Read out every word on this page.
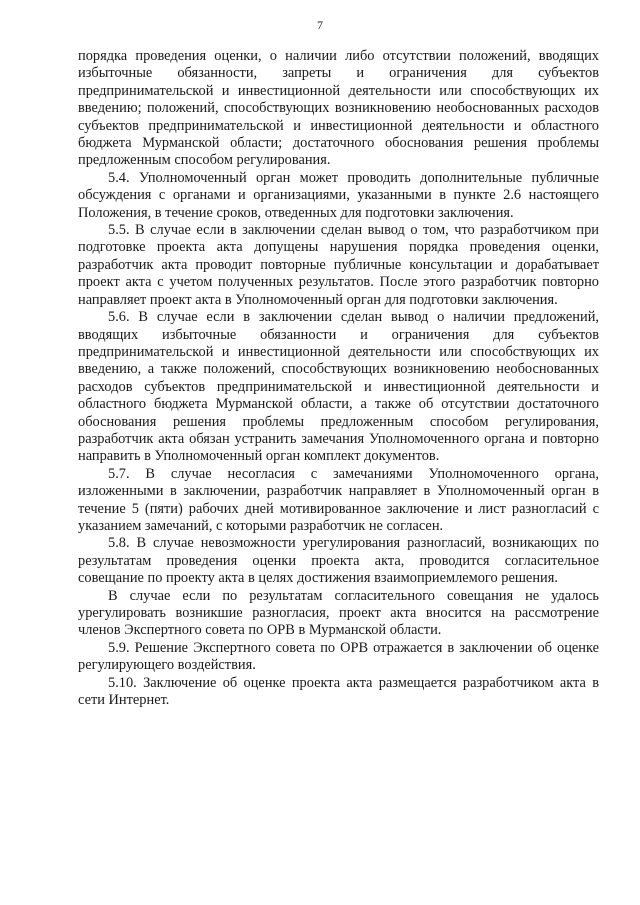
7

порядка проведения оценки, о наличии либо отсутствии положений, вводящих избыточные обязанности, запреты и ограничения для субъектов предпринимательской и инвестиционной деятельности или способствующих их введению; положений, способствующих возникновению необоснованных расходов субъектов предпринимательской и инвестиционной деятельности и областного бюджета Мурманской области; достаточного обоснования решения проблемы предложенным способом регулирования.

5.4. Уполномоченный орган может проводить дополнительные публичные обсуждения с органами и организациями, указанными в пункте 2.6 настоящего Положения, в течение сроков, отведенных для подготовки заключения.

5.5. В случае если в заключении сделан вывод о том, что разработчиком при подготовке проекта акта допущены нарушения порядка проведения оценки, разработчик акта проводит повторные публичные консультации и дорабатывает проект акта с учетом полученных результатов. После этого разработчик повторно направляет проект акта в Уполномоченный орган для подготовки заключения.

5.6. В случае если в заключении сделан вывод о наличии предложений, вводящих избыточные обязанности и ограничения для субъектов предпринимательской и инвестиционной деятельности или способствующих их введению, а также положений, способствующих возникновению необоснованных расходов субъектов предпринимательской и инвестиционной деятельности и областного бюджета Мурманской области, а также об отсутствии достаточного обоснования решения проблемы предложенным способом регулирования, разработчик акта обязан устранить замечания Уполномоченного органа и повторно направить в Уполномоченный орган комплект документов.

5.7. В случае несогласия с замечаниями Уполномоченного органа, изложенными в заключении, разработчик направляет в Уполномоченный орган в течение 5 (пяти) рабочих дней мотивированное заключение и лист разногласий с указанием замечаний, с которыми разработчик не согласен.

5.8. В случае невозможности урегулирования разногласий, возникающих по результатам проведения оценки проекта акта, проводится согласительное совещание по проекту акта в целях достижения взаимоприемлемого решения.

В случае если по результатам согласительного совещания не удалось урегулировать возникшие разногласия, проект акта вносится на рассмотрение членов Экспертного совета по ОРВ в Мурманской области.

5.9. Решение Экспертного совета по ОРВ отражается в заключении об оценке регулирующего воздействия.

5.10. Заключение об оценке проекта акта размещается разработчиком акта в сети Интернет.
